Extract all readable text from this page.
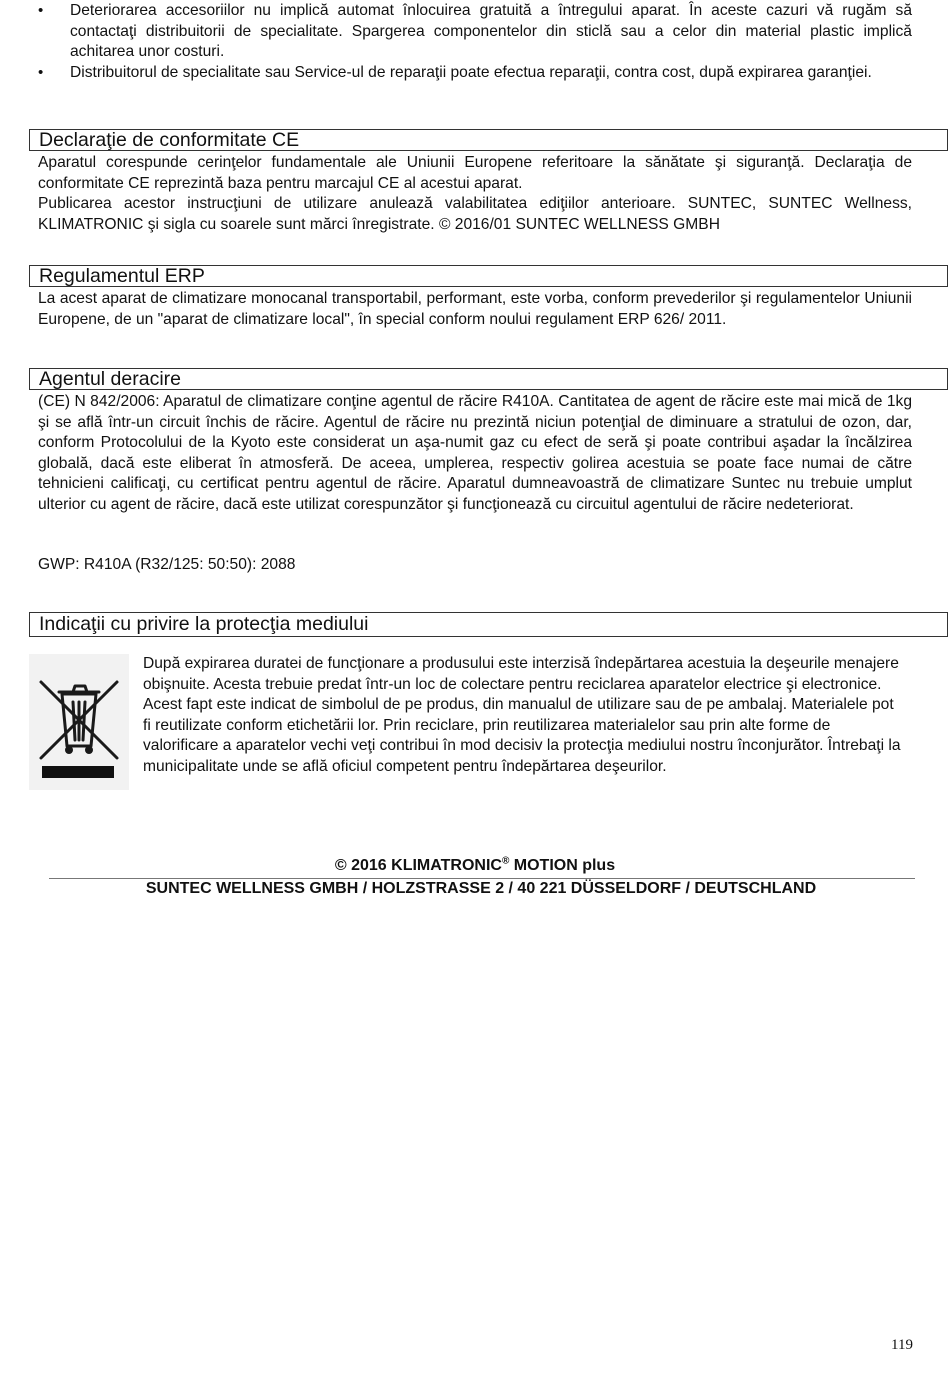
• Deteriorarea accesoriilor nu implică automat înlocuirea gratuită a întregului aparat. În aceste cazuri vă rugăm să contactaţi distribuitorii de specialitate. Spargerea componentelor din sticlă sau a celor din material plastic implică achitarea unor costuri.
• Distribuitorul de specialitate sau Service-ul de reparaţii poate efectua reparaţii, contra cost, după expirarea garanţiei.
Declaraţie de conformitate CE

Aparatul corespunde cerinţelor fundamentale ale Uniunii Europene referitoare la sănătate şi siguranţă. Declaraţia de conformitate CE reprezintă baza pentru marcajul CE al acestui aparat.

Publicarea acestor instrucţiuni de utilizare anulează valabilitatea ediţiilor anterioare. SUNTEC, SUNTEC Wellness, KLIMATRONIC şi sigla cu soarele sunt mărci înregistrate. © 2016/01 SUNTEC WELLNESS GMBH

Regulamentul ERP

La acest aparat de climatizare monocanal transportabil, performant, este vorba, conform prevederilor şi regulamentelor Uniunii Europene, de un "aparat de climatizare local", în special conform noului regulament ERP 626/ 2011.

Agentul deracire

(CE) N 842/2006: Aparatul de climatizare conţine agentul de răcire R410A. Cantitatea de agent de răcire este mai mică de 1kg şi se află într-un circuit închis de răcire. Agentul de răcire nu prezintă niciun potenţial de diminuare a stratului de ozon, dar, conform Protocolului de la Kyoto este considerat un aşa-numit gaz cu efect de seră şi poate contribui aşadar la încălzirea globală, dacă este eliberat în atmosferă. De aceea, umplerea, respectiv golirea acestuia se poate face numai de către tehnicieni calificaţi, cu certificat pentru agentul de răcire. Aparatul dumneavoastră de climatizare Suntec nu trebuie umplut ulterior cu agent de răcire, dacă este utilizat corespunzător şi funcţionează cu circuitul agentului de răcire nedeteriorat.

GWP: R410A (R32/125: 50:50): 2088

Indicaţii cu privire la protecţia mediului

După expirarea duratei de funcţionare a produsului este interzisă îndepărtarea acestuia la deşeurile menajere obişnuite. Acesta trebuie predat într-un loc de colectare pentru reciclarea aparatelor electrice şi electronice. Acest fapt este indicat de simbolul de pe produs, din manualul de utilizare sau de pe ambalaj. Materialele pot fi reutilizate conform etichetării lor. Prin reciclare, prin reutilizarea materialelor sau prin alte forme de valorificare a aparatelor vechi veţi contribui în mod decisiv la protecţia mediului nostru înconjurător. Întrebaţi la municipalitate unde se află oficiul competent pentru îndepărtarea deşeurilor.

© 2016 KLIMATRONIC® MOTION plus
SUNTEC WELLNESS GMBH / HOLZSTRASSE 2 / 40 221 DÜSSELDORF / DEUTSCHLAND
119
